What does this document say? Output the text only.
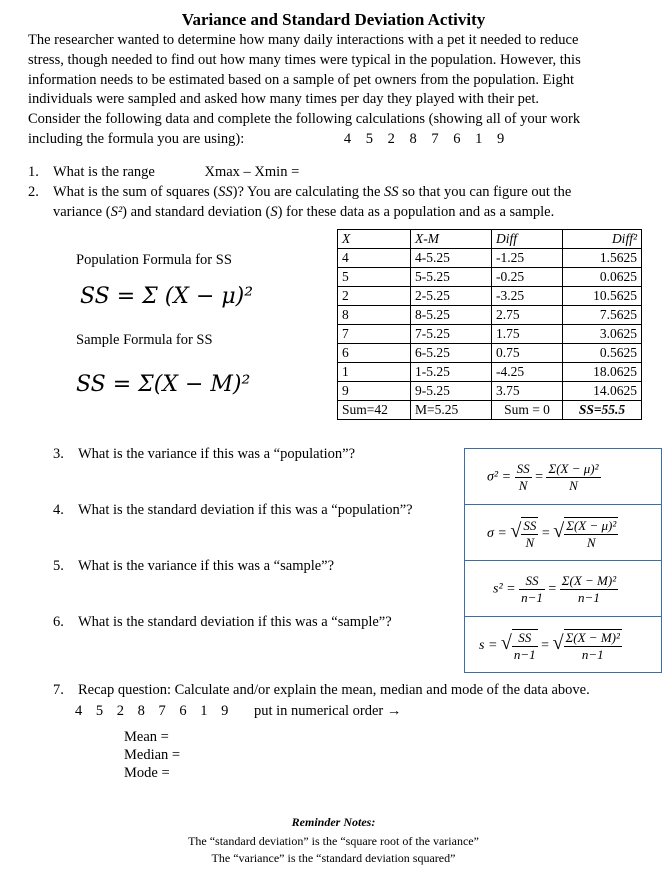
Variance and Standard Deviation Activity
The researcher wanted to determine how many daily interactions with a pet it needed to reduce
stress, though needed to find out how many times were typical in the population. However, this
information needs to be estimated based on a sample of pet owners from the population. Eight
individuals were sampled and asked how many times per day they played with their pet.
Consider the following data and complete the following calculations (showing all of your work
including the formula you are using):	4 5 2 8 7 6 1 9
1. What is the range	Xmax – Xmin =
2. What is the sum of squares (SS)? You are calculating the SS so that you can figure out the
variance (S²) and standard deviation (S) for these data as a population and as a sample.
Population Formula for SS
SS = Σ (X − μ)²
Sample Formula for SS
SS = Σ(X − M)²
X	X-M	Diff	Diff²
4	4-5.25	-1.25	1.5625
5	5-5.25	-0.25	0.0625
2	2-5.25	-3.25	10.5625
8	8-5.25	2.75	7.5625
7	7-5.25	1.75	3.0625
6	6-5.25	0.75	0.5625
1	1-5.25	-4.25	18.0625
9	9-5.25	3.75	14.0625
Sum=42	M=5.25	Sum = 0	SS=55.5
3. What is the variance if this was a “population”?
4. What is the standard deviation if this was a “population”?
5. What is the variance if this was a “sample”?
6. What is the standard deviation if this was a “sample”?
$\sigma^2 = \frac{SS}{N} = \frac{\text{Σ(X − μ)²}}{N}$
σ = √ $\frac{SS}{N}$ = √ $\frac{\text{Σ(X − μ)²}}{N}$
$s^2 = \frac{SS}{n-1} = \frac{\text{Σ(X − M)²}}{n-1}$
s = √ $\frac{SS}{n-1}$ = √ $\frac{\text{Σ(X − M)²}}{n-1}$
7. Recap question: Calculate and/or explain the mean, median and mode of the data above.
4 5 2 8 7 6 1 9 put in numerical order →
Mean =
Median =
Mode =
Reminder Notes:
The “standard deviation” is the “square root of the variance”
The “variance” is the “standard deviation squared”
